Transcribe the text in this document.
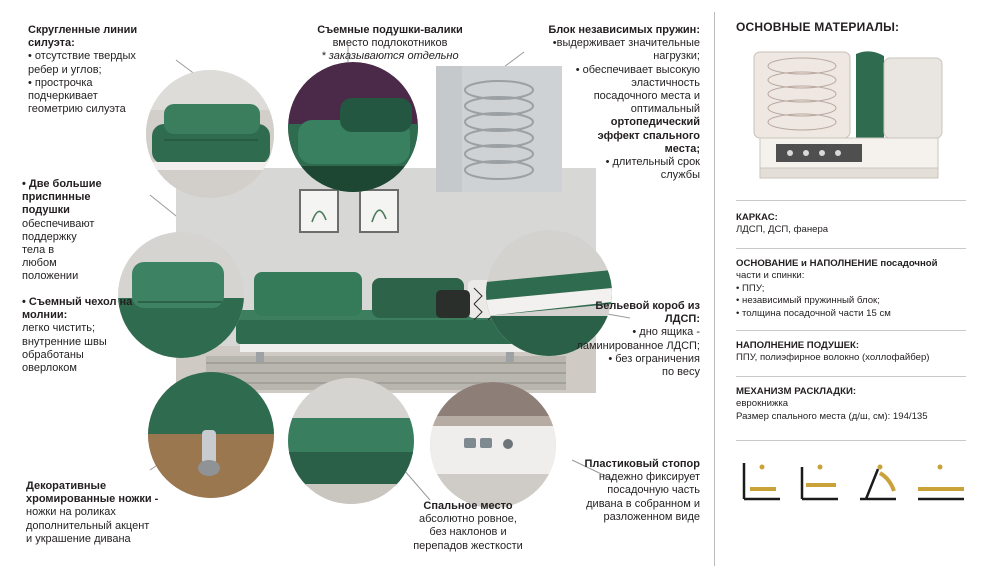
Скругленные линии силуэта:

• отсутствие твердых
ребер и углов;
• прострочка
подчеркивает
геометрию силуэта
Съемные подушки-валики

вместо подлокотников
* заказываются отдельно
Блок независимых пружин:

•выдерживает значительные
нагрузки;
• обеспечивает высокую
эластичность
посадочного места и
оптимальный
ортопедический
эффект спального
места;
• длительный срок
службы
• Две большие приспинные подушки

обеспечивают
поддержку
тела в
любом
положении
• Съемный чехол на молнии:

легко чистить;
внутренние швы
обработаны
оверлоком
Декоративные хромированные ножки -

ножки на роликах
дополнительный акцент
и украшение дивана
Бельевой короб из ЛДСП:

• дно ящика -
ламинированное ЛДСП;
• без ограничения
по весу
Спальное место

абсолютно ровное,
без наклонов и
перепадов жесткости
Пластиковый стопор

надежно фиксирует
посадочную часть
дивана в собранном и
разложенном виде
ОСНОВНЫЕ МАТЕРИАЛЫ:
КАРКАС:
ЛДСП, ДСП, фанера
ОСНОВАНИЕ и НАПОЛНЕНИЕ посадочной
части и спинки:
• ППУ;
• независимый пружинный блок;
• толщина посадочной части 15 см
НАПОЛНЕНИЕ ПОДУШЕК:
ППУ, полиэфирное волокно (холлофайбер)
МЕХАНИЗМ РАСКЛАДКИ:
еврокнижка
Размер спального места (д/ш, см): 194/135
